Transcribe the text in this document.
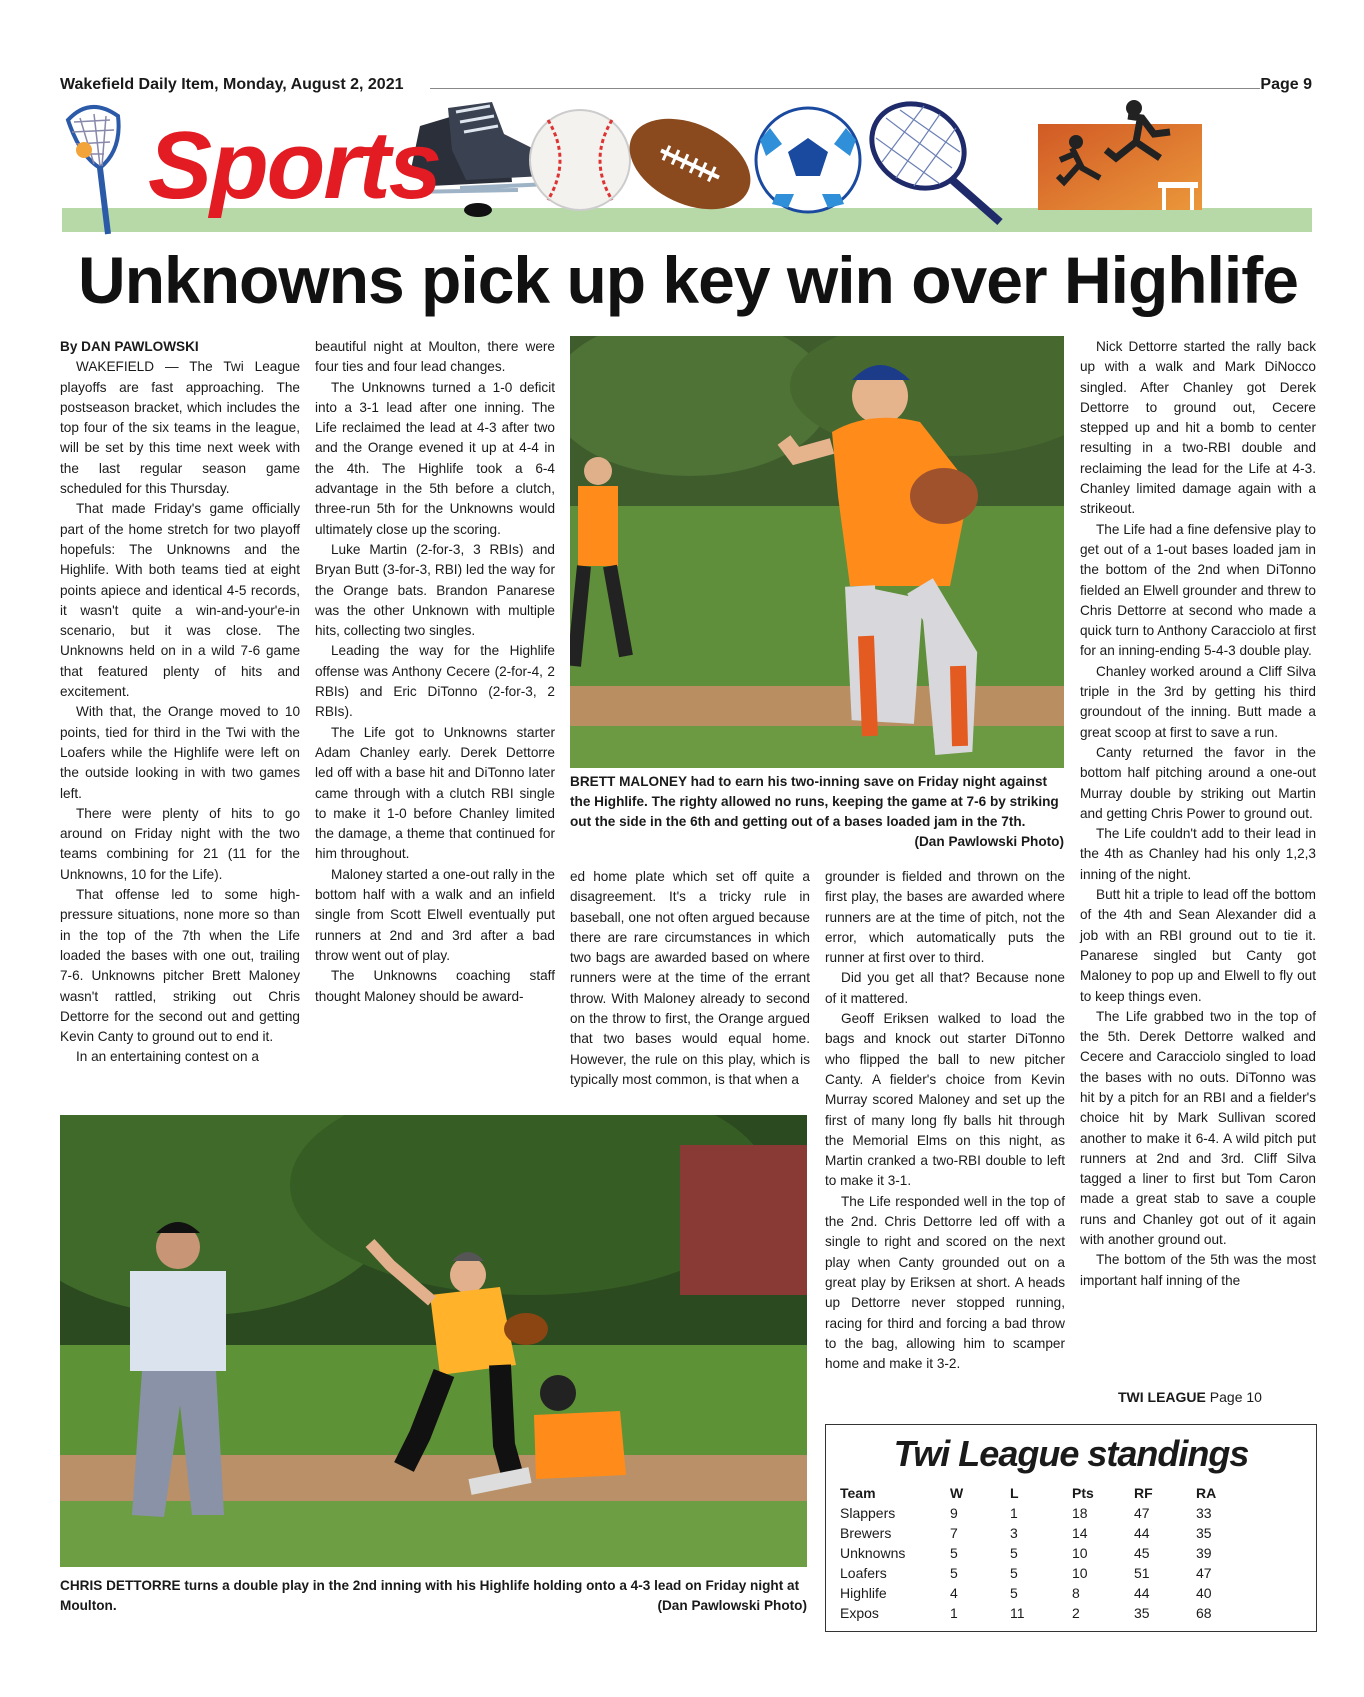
Wakefield Daily Item, Monday, August 2, 2021	Page 9
Sports
Unknowns pick up key win over Highlife

By DAN PAWLOWSKI

WAKEFIELD — The Twi League playoffs are fast approaching. The postseason bracket, which includes the top four of the six teams in the league, will be set by this time next week with the last regular season game scheduled for this Thursday.

That made Friday's game officially part of the home stretch for two playoff hopefuls: The Unknowns and the Highlife. With both teams tied at eight points apiece and identical 4-5 records, it wasn't quite a win-and-your'e-in scenario, but it was close. The Unknowns held on in a wild 7-6 game that featured plenty of hits and excitement.

With that, the Orange moved to 10 points, tied for third in the Twi with the Loafers while the Highlife were left on the outside looking in with two games left.

There were plenty of hits to go around on Friday night with the two teams combining for 21 (11 for the Unknowns, 10 for the Life).

That offense led to some high-pressure situations, none more so than in the top of the 7th when the Life loaded the bases with one out, trailing 7-6. Unknowns pitcher Brett Maloney wasn't rattled, striking out Chris Dettorre for the second out and getting Kevin Canty to ground out to end it.

In an entertaining contest on a

beautiful night at Moulton, there were four ties and four lead changes.

The Unknowns turned a 1-0 deficit into a 3-1 lead after one inning. The Life reclaimed the lead at 4-3 after two and the Orange evened it up at 4-4 in the 4th. The Highlife took a 6-4 advantage in the 5th before a clutch, three-run 5th for the Unknowns would ultimately close up the scoring.

Luke Martin (2-for-3, 3 RBIs) and Bryan Butt (3-for-3, RBI) led the way for the Orange bats. Brandon Panarese was the other Unknown with multiple hits, collecting two singles.

Leading the way for the Highlife offense was Anthony Cecere (2-for-4, 2 RBIs) and Eric DiTonno (2-for-3, 2 RBIs).

The Life got to Unknowns starter Adam Chanley early. Derek Dettorre led off with a base hit and DiTonno later came through with a clutch RBI single to make it 1-0 before Chanley limited the damage, a theme that continued for him throughout.

Maloney started a one-out rally in the bottom half with a walk and an infield single from Scott Elwell eventually put runners at 2nd and 3rd after a bad throw went out of play.

The Unknowns coaching staff thought Maloney should be award-

BRETT MALONEY had to earn his two-inning save on Friday night against the Highlife. The righty allowed no runs, keeping the game at 7-6 by striking out the side in the 6th and getting out of a bases loaded jam in the 7th.
(Dan Pawlowski Photo)

ed home plate which set off quite a disagreement. It's a tricky rule in baseball, one not often argued because there are rare circumstances in which two bags are awarded based on where runners were at the time of the errant throw. With Maloney already to second on the throw to first, the Orange argued that two bases would equal home. However, the rule on this play, which is typically most common, is that when a

grounder is fielded and thrown on the first play, the bases are awarded where runners are at the time of pitch, not the error, which automatically puts the runner at first over to third.

Did you get all that? Because none of it mattered.

Geoff Eriksen walked to load the bags and knock out starter DiTonno who flipped the ball to new pitcher Canty. A fielder's choice from Kevin Murray scored Maloney and set up the first of many long fly balls hit through the Memorial Elms on this night, as Martin cranked a two-RBI double to left to make it 3-1.

The Life responded well in the top of the 2nd. Chris Dettorre led off with a single to right and scored on the next play when Canty grounded out on a great play by Eriksen at short. A heads up Dettorre never stopped running, racing for third and forcing a bad throw to the bag, allowing him to scamper home and make it 3-2.

Nick Dettorre started the rally back up with a walk and Mark DiNocco singled. After Chanley got Derek Dettorre to ground out, Cecere stepped up and hit a bomb to center resulting in a two-RBI double and reclaiming the lead for the Life at 4-3. Chanley limited damage again with a strikeout.

The Life had a fine defensive play to get out of a 1-out bases loaded jam in the bottom of the 2nd when DiTonno fielded an Elwell grounder and threw to Chris Dettorre at second who made a quick turn to Anthony Caracciolo at first for an inning-ending 5-4-3 double play.

Chanley worked around a Cliff Silva triple in the 3rd by getting his third groundout of the inning. Butt made a great scoop at first to save a run.

Canty returned the favor in the bottom half pitching around a one-out Murray double by striking out Martin and getting Chris Power to ground out.

The Life couldn't add to their lead in the 4th as Chanley had his only 1,2,3 inning of the night.

Butt hit a triple to lead off the bottom of the 4th and Sean Alexander did a job with an RBI ground out to tie it. Panarese singled but Canty got Maloney to pop up and Elwell to fly out to keep things even.

The Life grabbed two in the top of the 5th. Derek Dettorre walked and Cecere and Caracciolo singled to load the bases with no outs. DiTonno was hit by a pitch for an RBI and a fielder's choice hit by Mark Sullivan scored another to make it 6-4. A wild pitch put runners at 2nd and 3rd. Cliff Silva tagged a liner to first but Tom Caron made a great stab to save a couple runs and Chanley got out of it again with another ground out.

The bottom of the 5th was the most important half inning of the

TWI LEAGUE Page 10
CHRIS DETTORRE turns a double play in the 2nd inning with his Highlife holding onto a 4-3 lead on Friday night at Moulton.	(Dan Pawlowski Photo)
Twi League standings
Team	W	L	Pts	RF	RA
Slappers	9	1	18	47	33
Brewers	7	3	14	44	35
Unknowns	5	5	10	45	39
Loafers	5	5	10	51	47
Highlife	4	5	8	44	40
Expos	1	11	2	35	68
